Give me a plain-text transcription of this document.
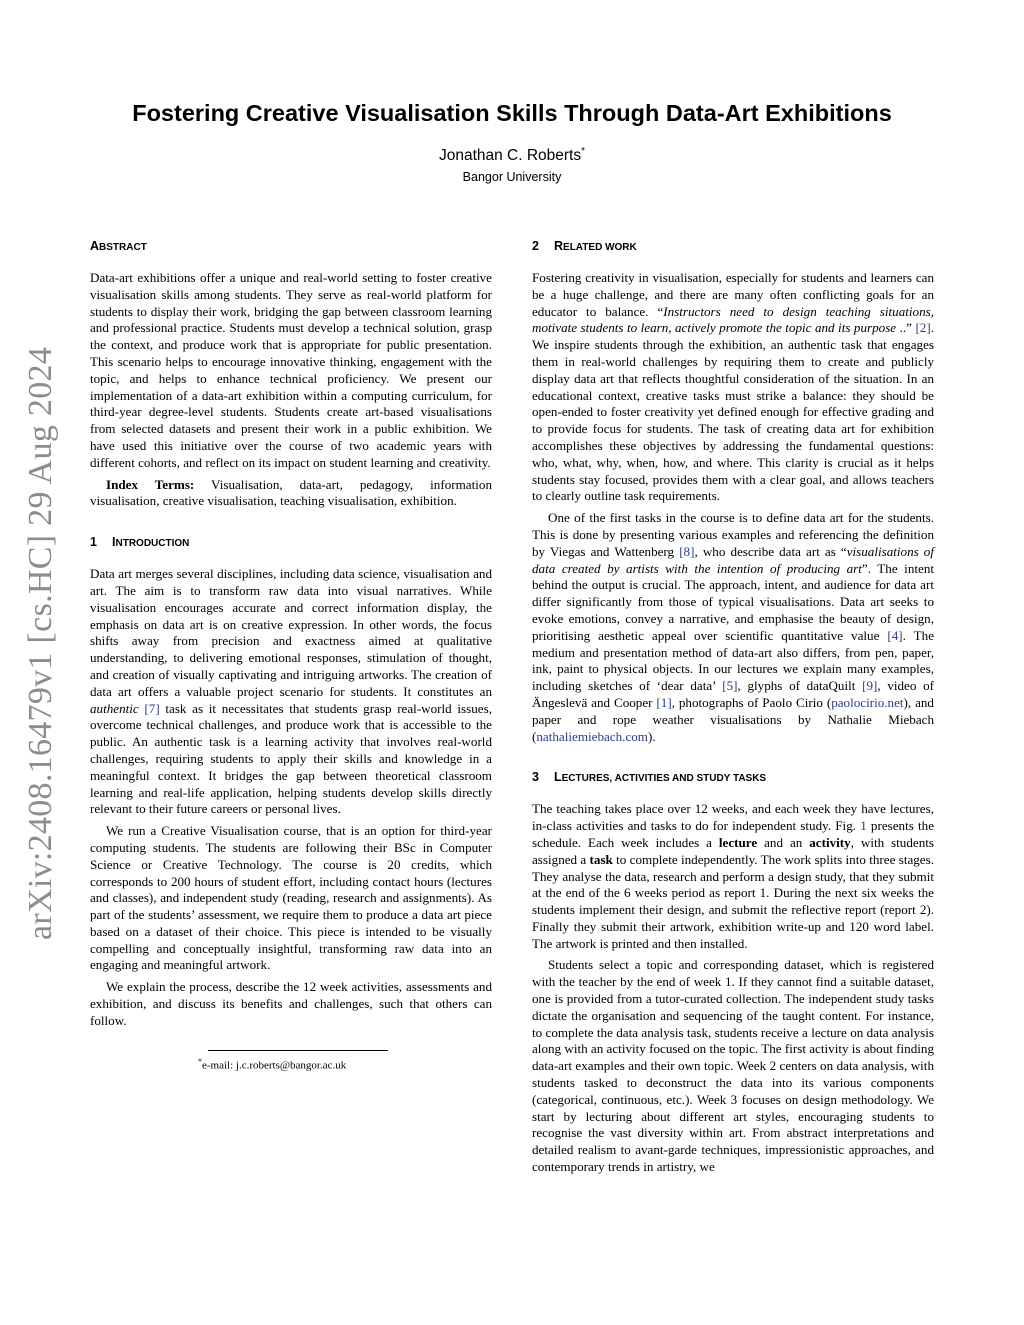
arXiv:2408.16479v1 [cs.HC] 29 Aug 2024
Fostering Creative Visualisation Skills Through Data-Art Exhibitions
Jonathan C. Roberts*
Bangor University
ABSTRACT

Data-art exhibitions offer a unique and real-world setting to foster creative visualisation skills among students. They serve as real-world platform for students to display their work, bridging the gap between classroom learning and professional practice. Students must develop a technical solution, grasp the context, and produce work that is appropriate for public presentation. This scenario helps to encourage innovative thinking, engagement with the topic, and helps to enhance technical proficiency. We present our implementation of a data-art exhibition within a computing curriculum, for third-year degree-level students. Students create art-based visualisations from selected datasets and present their work in a public exhibition. We have used this initiative over the course of two academic years with different cohorts, and reflect on its impact on student learning and creativity.

Index Terms: Visualisation, data-art, pedagogy, information visualisation, creative visualisation, teaching visualisation, exhibition.

1 INTRODUCTION

Data art merges several disciplines, including data science, visualisation and art. The aim is to transform raw data into visual narratives. While visualisation encourages accurate and correct information display, the emphasis on data art is on creative expression. In other words, the focus shifts away from precision and exactness aimed at qualitative understanding, to delivering emotional responses, stimulation of thought, and creation of visually captivating and intriguing artworks. The creation of data art offers a valuable project scenario for students. It constitutes an authentic [7] task as it necessitates that students grasp real-world issues, overcome technical challenges, and produce work that is accessible to the public. An authentic task is a learning activity that involves real-world challenges, requiring students to apply their skills and knowledge in a meaningful context. It bridges the gap between theoretical classroom learning and real-life application, helping students develop skills directly relevant to their future careers or personal lives.

We run a Creative Visualisation course, that is an option for third-year computing students. The students are following their BSc in Computer Science or Creative Technology. The course is 20 credits, which corresponds to 200 hours of student effort, including contact hours (lectures and classes), and independent study (reading, research and assignments). As part of the students’ assessment, we require them to produce a data art piece based on a dataset of their choice. This piece is intended to be visually compelling and conceptually insightful, transforming raw data into an engaging and meaningful artwork.

We explain the process, describe the 12 week activities, assessments and exhibition, and discuss its benefits and challenges, such that others can follow.

*e-mail: j.c.roberts@bangor.ac.uk
2 RELATED WORK

Fostering creativity in visualisation, especially for students and learners can be a huge challenge, and there are many often conflicting goals for an educator to balance. “Instructors need to design teaching situations, motivate students to learn, actively promote the topic and its purpose ..” [2]. We inspire students through the exhibition, an authentic task that engages them in real-world challenges by requiring them to create and publicly display data art that reflects thoughtful consideration of the situation. In an educational context, creative tasks must strike a balance: they should be open-ended to foster creativity yet defined enough for effective grading and to provide focus for students. The task of creating data art for exhibition accomplishes these objectives by addressing the fundamental questions: who, what, why, when, how, and where. This clarity is crucial as it helps students stay focused, provides them with a clear goal, and allows teachers to clearly outline task requirements.

One of the first tasks in the course is to define data art for the students. This is done by presenting various examples and referencing the definition by Viegas and Wattenberg [8], who describe data art as “visualisations of data created by artists with the intention of producing art”. The intent behind the output is crucial. The approach, intent, and audience for data art differ significantly from those of typical visualisations. Data art seeks to evoke emotions, convey a narrative, and emphasise the beauty of design, prioritising aesthetic appeal over scientific quantitative value [4]. The medium and presentation method of data-art also differs, from pen, paper, ink, paint to physical objects. In our lectures we explain many examples, including sketches of ‘dear data’ [5], glyphs of dataQuilt [9], video of Ängeslevä and Cooper [1], photographs of Paolo Cirio (paolocirio.net), and paper and rope weather visualisations by Nathalie Miebach (nathaliemiebach.com).

3 LECTURES, ACTIVITIES AND STUDY TASKS

The teaching takes place over 12 weeks, and each week they have lectures, in-class activities and tasks to do for independent study. Fig. 1 presents the schedule. Each week includes a lecture and an activity, with students assigned a task to complete independently. The work splits into three stages. They analyse the data, research and perform a design study, that they submit at the end of the 6 weeks period as report 1. During the next six weeks the students implement their design, and submit the reflective report (report 2). Finally they submit their artwork, exhibition write-up and 120 word label. The artwork is printed and then installed.

Students select a topic and corresponding dataset, which is registered with the teacher by the end of week 1. If they cannot find a suitable dataset, one is provided from a tutor-curated collection. The independent study tasks dictate the organisation and sequencing of the taught content. For instance, to complete the data analysis task, students receive a lecture on data analysis along with an activity focused on the topic. The first activity is about finding data-art examples and their own topic. Week 2 centers on data analysis, with students tasked to deconstruct the data into its various components (categorical, continuous, etc.). Week 3 focuses on design methodology. We start by lecturing about different art styles, encouraging students to recognise the vast diversity within art. From abstract interpretations and detailed realism to avant-garde techniques, impressionistic approaches, and contemporary trends in artistry, we
